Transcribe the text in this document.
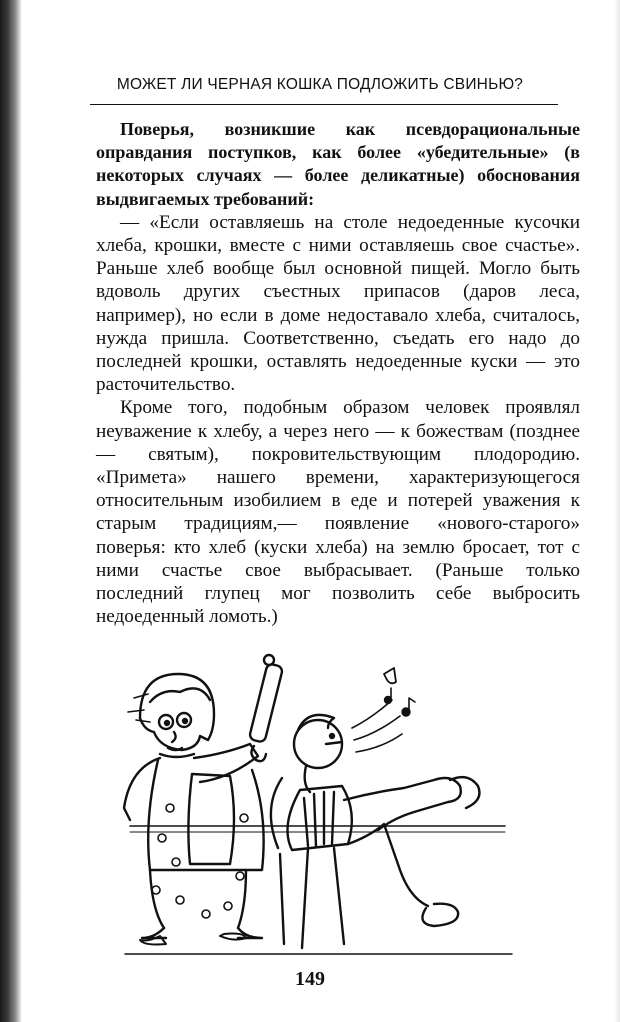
МОЖЕТ ЛИ ЧЕРНАЯ КОШКА ПОДЛОЖИТЬ СВИНЬЮ?

Поверья, возникшие как псевдорациональные оправдания поступков, как более «убедительные» (в некоторых случаях — более деликатные) обоснования выдвигаемых требований:

— «Если оставляешь на столе недоеденные кусочки хлеба, крошки, вместе с ними оставляешь свое счастье». Раньше хлеб вообще был основной пищей. Могло быть вдоволь других съестных припасов (даров леса, например), но если в доме недоставало хлеба, считалось, нужда пришла. Соответственно, съедать его надо до последней крошки, оставлять недоеденные куски — это расточительство.

Кроме того, подобным образом человек проявлял неуважение к хлебу, а через него — к божествам (позднее — святым), покровительствующим плодородию. «Примета» нашего времени, характеризующегося относительным изобилием в еде и потерей уважения к старым традициям,— появление «нового-старого» поверья: кто хлеб (куски хлеба) на землю бросает, тот с ними счастье свое выбрасывает. (Раньше только последний глупец мог позволить себе выбросить недоеденный ломоть.)

149
